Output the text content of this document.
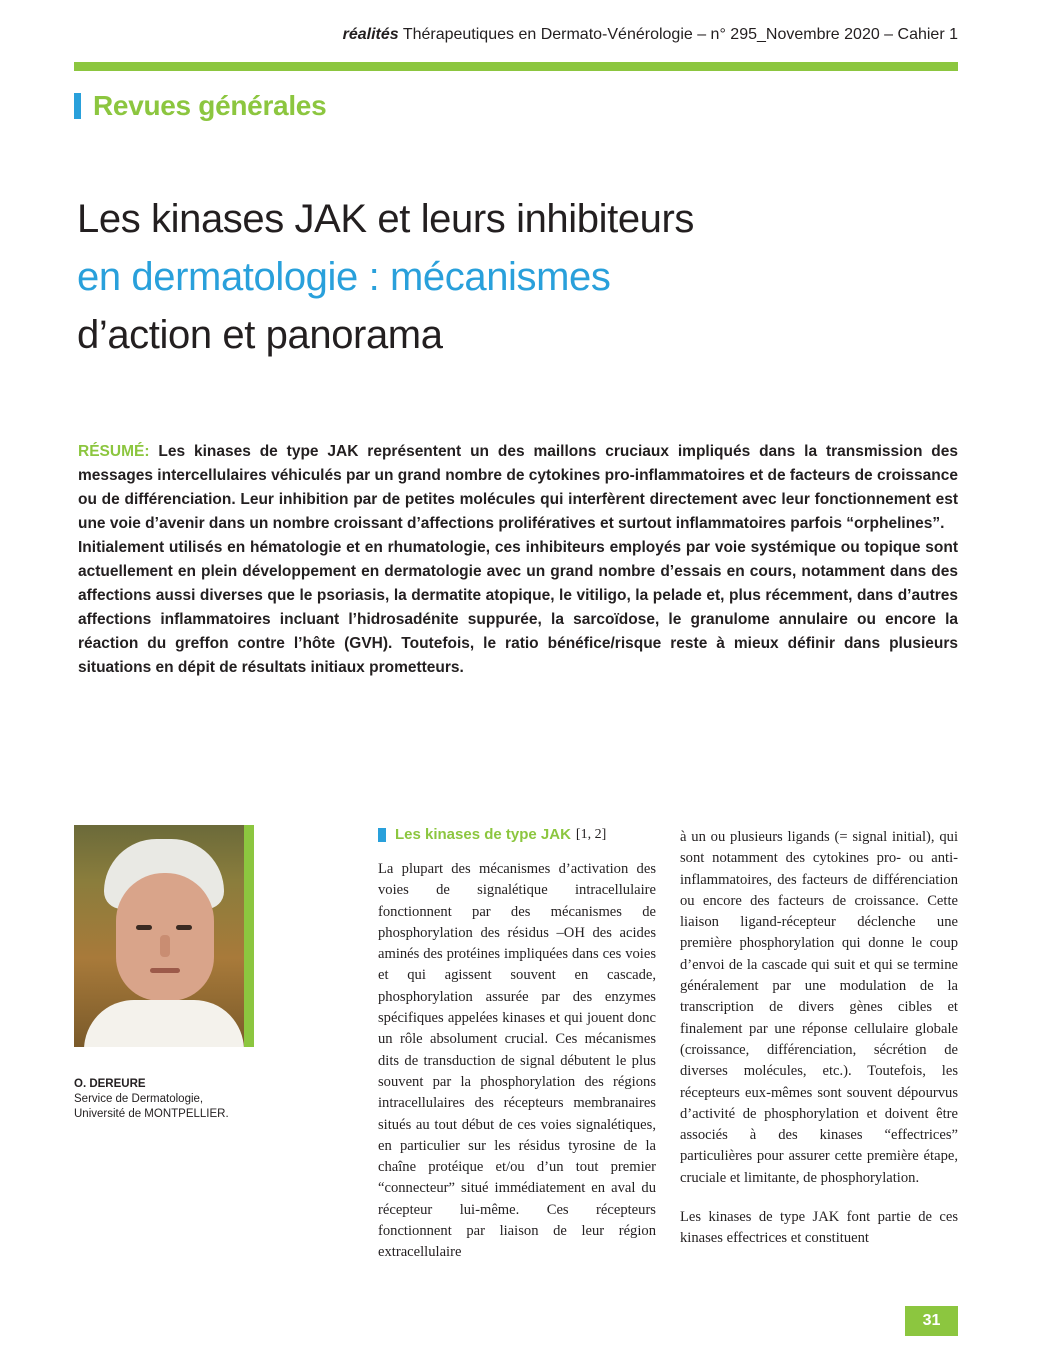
réalités Thérapeutiques en Dermato-Vénérologie – n° 295_Novembre 2020 – Cahier 1
Revues générales
Les kinases JAK et leurs inhibiteurs
en dermatologie : mécanismes
d’action et panorama

RÉSUMÉ: Les kinases de type JAK représentent un des maillons cruciaux impliqués dans la transmission des messages intercellulaires véhiculés par un grand nombre de cytokines pro-inflammatoires et de facteurs de croissance ou de différenciation. Leur inhibition par de petites molécules qui interfèrent directement avec leur fonctionnement est une voie d’avenir dans un nombre croissant d’affections prolifératives et surtout inflammatoires parfois “orphelines”.

Initialement utilisés en hématologie et en rhumatologie, ces inhibiteurs employés par voie systémique ou topique sont actuellement en plein développement en dermatologie avec un grand nombre d’essais en cours, notamment dans des affections aussi diverses que le psoriasis, la dermatite atopique, le vitiligo, la pelade et, plus récemment, dans d’autres affections inflammatoires incluant l’hidrosadénite suppurée, la sarcoïdose, le granulome annulaire ou encore la réaction du greffon contre l’hôte (GVH). Toutefois, le ratio bénéfice/risque reste à mieux définir dans plusieurs situations en dépit de résultats initiaux prometteurs.

O. DEREURE
Service de Dermatologie,
Université de MONTPELLIER.
Les kinases de type JAK [1, 2]

La plupart des mécanismes d’activation des voies de signalétique intracellulaire fonctionnent par des mécanismes de phosphorylation des résidus –OH des acides aminés des protéines impliquées dans ces voies et qui agissent souvent en cascade, phosphorylation assurée par des enzymes spécifiques appelées kinases et qui jouent donc un rôle absolument crucial. Ces mécanismes dits de transduction de signal débutent le plus souvent par la phosphorylation des régions intracellulaires des récepteurs membranaires situés au tout début de ces voies signalétiques, en particulier sur les résidus tyrosine de la chaîne protéique et/ou d’un tout premier “connecteur” situé immédiatement en aval du récepteur lui-même. Ces récepteurs fonctionnent par liaison de leur région extracellulaire

à un ou plusieurs ligands (= signal initial), qui sont notamment des cytokines pro- ou anti-inflammatoires, des facteurs de différenciation ou encore des facteurs de croissance. Cette liaison ligand-récepteur déclenche une première phosphorylation qui donne le coup d’envoi de la cascade qui suit et qui se termine généralement par une modulation de la transcription de divers gènes cibles et finalement par une réponse cellulaire globale (croissance, différenciation, sécrétion de diverses molécules, etc.). Toutefois, les récepteurs eux-mêmes sont souvent dépourvus d’activité de phosphorylation et doivent être associés à des kinases “effectrices” particulières pour assurer cette première étape, cruciale et limitante, de phosphorylation.

Les kinases de type JAK font partie de ces kinases effectrices et constituent

31
